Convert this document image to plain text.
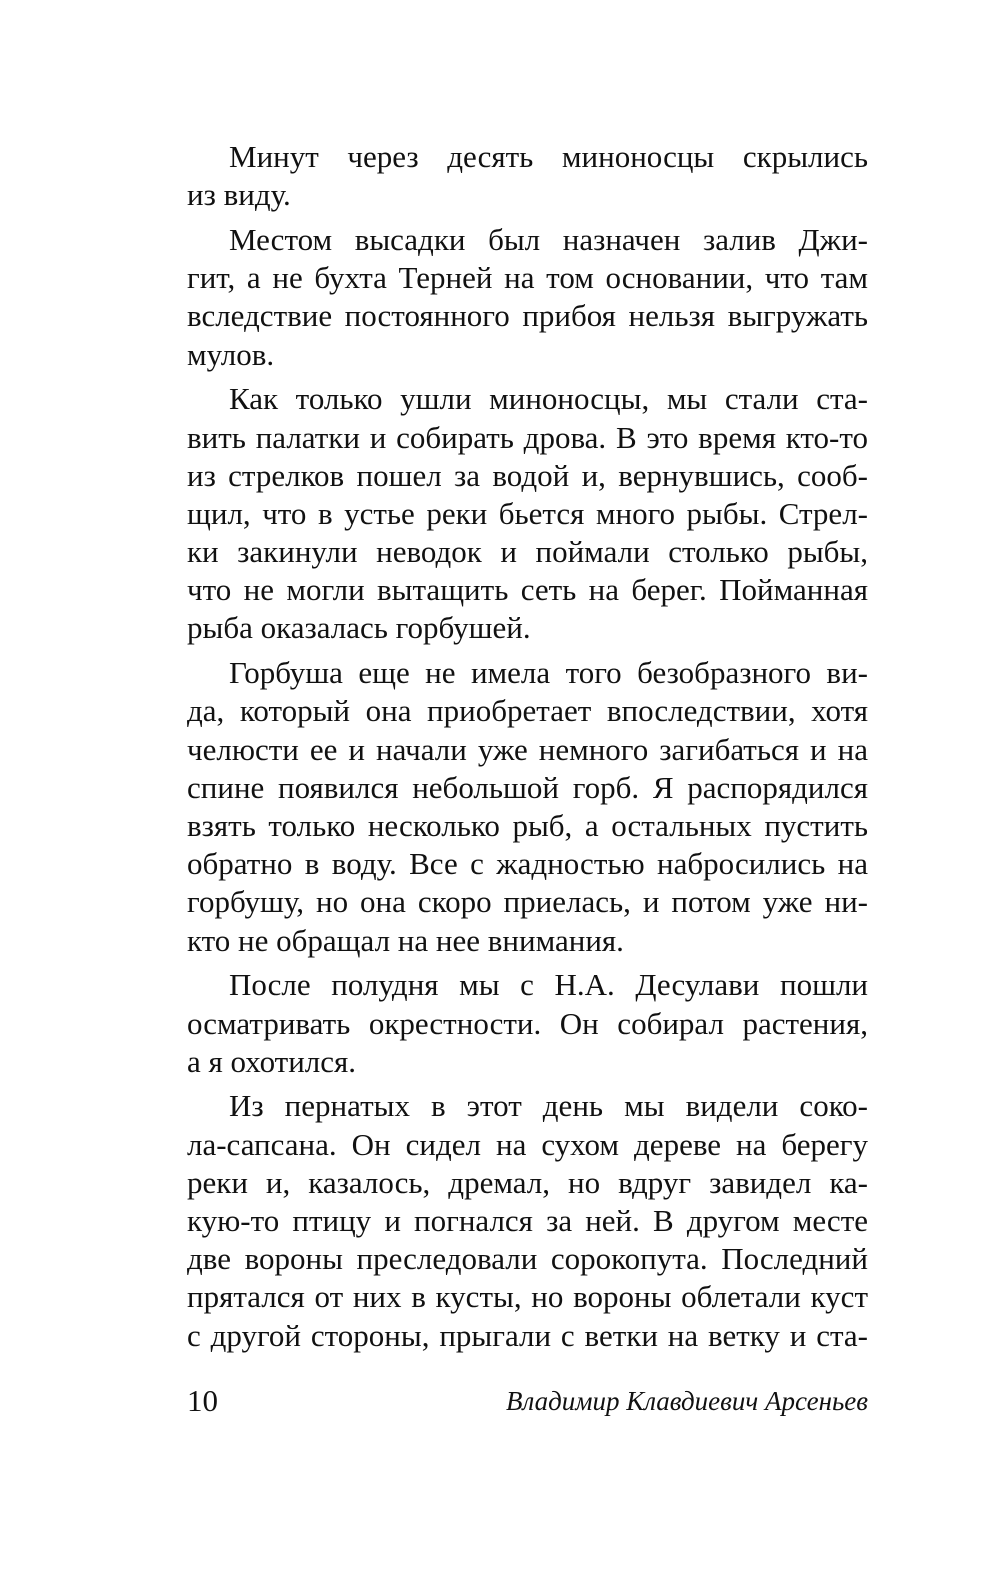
Минут через десять миноносцы скрылись
из виду.
Местом высадки был назначен залив Джи-
гит, а не бухта Терней на том основании, что там
вследствие постоянного прибоя нельзя выгружать
мулов.
Как только ушли миноносцы, мы стали ста-
вить палатки и собирать дрова. В это время кто-то
из стрелков пошел за водой и, вернувшись, сооб-
щил, что в устье реки бьется много рыбы. Стрел-
ки закинули неводок и поймали столько рыбы,
что не могли вытащить сеть на берег. Пойманная
рыба оказалась горбушей.
Горбуша еще не имела того безобразного ви-
да, который она приобретает впоследствии, хотя
челюсти ее и начали уже немного загибаться и на
спине появился небольшой горб. Я распорядился
взять только несколько рыб, а остальных пустить
обратно в воду. Все с жадностью набросились на
горбушу, но она скоро приелась, и потом уже ни-
кто не обращал на нее внимания.
После полудня мы с Н.А. Десулави пошли
осматривать окрестности. Он собирал растения,
а я охотился.
Из пернатых в этот день мы видели соко-
ла-сапсана. Он сидел на сухом дереве на берегу
реки и, казалось, дремал, но вдруг завидел ка-
кую-то птицу и погнался за ней. В другом месте
две вороны преследовали сорокопута. Последний
прятался от них в кусты, но вороны облетали куст
с другой стороны, прыгали с ветки на ветку и ста-
10	Владимир Клавдиевич Арсеньев
